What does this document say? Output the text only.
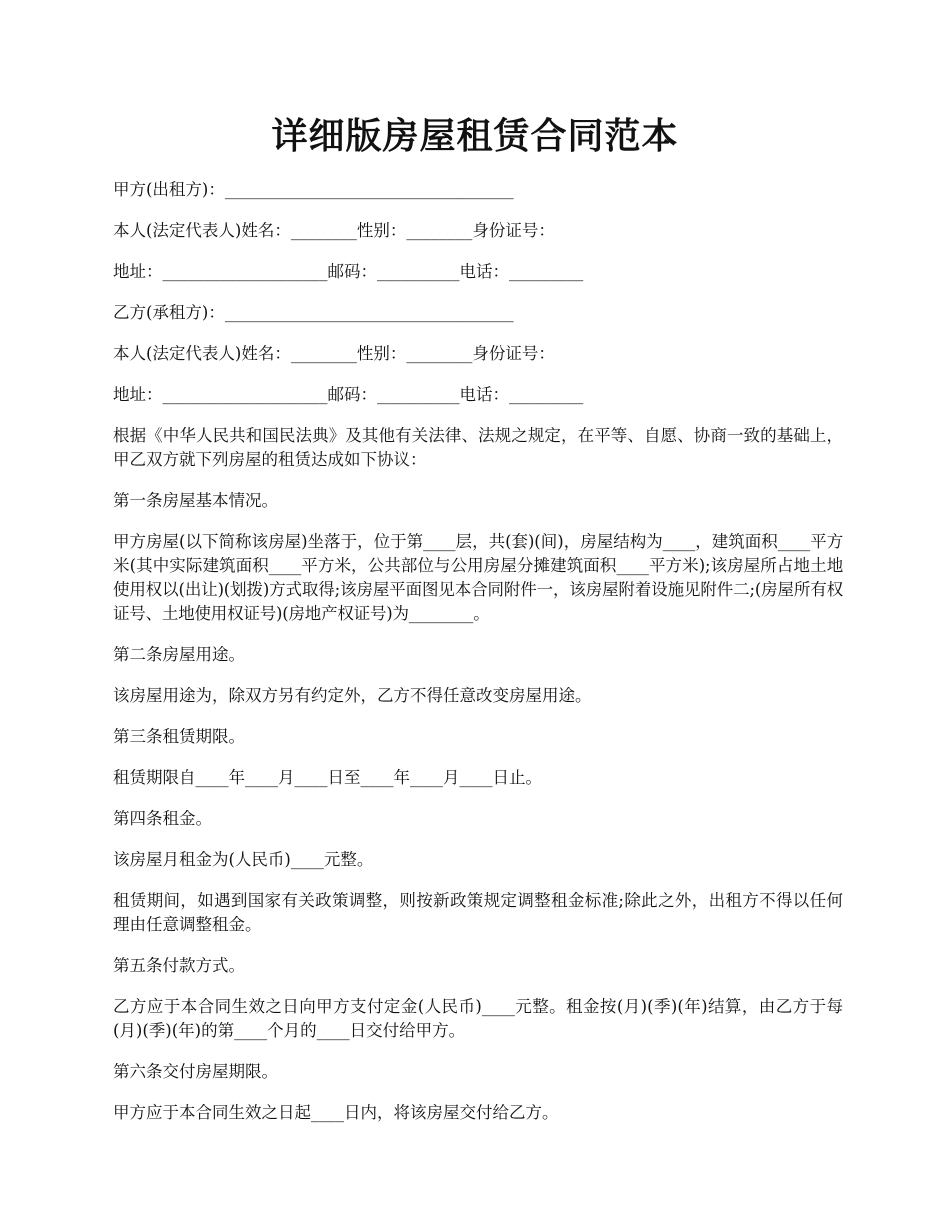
详细版房屋租赁合同范本

甲方(出租方)：___________________________________

本人(法定代表人)姓名：________性别：________身份证号：

地址：____________________邮码：__________电话：_________

乙方(承租方)：___________________________________

本人(法定代表人)姓名：________性别：________身份证号：

地址：____________________邮码：__________电话：_________

根据《中华人民共和国民法典》及其他有关法律、法规之规定，在平等、自愿、协商一致的基础上，甲乙双方就下列房屋的租赁达成如下协议：

第一条房屋基本情况。

甲方房屋(以下简称该房屋)坐落于，位于第____层，共(套)(间)，房屋结构为____，建筑面积____平方米(其中实际建筑面积____平方米，公共部位与公用房屋分摊建筑面积____平方米);该房屋所占地土地使用权以(出让)(划拨)方式取得;该房屋平面图见本合同附件一，该房屋附着设施见附件二;(房屋所有权证号、土地使用权证号)(房地产权证号)为________。

第二条房屋用途。

该房屋用途为，除双方另有约定外，乙方不得任意改变房屋用途。

第三条租赁期限。

租赁期限自____年____月____日至____年____月____日止。

第四条租金。

该房屋月租金为(人民币)____元整。

租赁期间，如遇到国家有关政策调整，则按新政策规定调整租金标准;除此之外，出租方不得以任何理由任意调整租金。

第五条付款方式。

乙方应于本合同生效之日向甲方支付定金(人民币)____元整。租金按(月)(季)(年)结算，由乙方于每(月)(季)(年)的第____个月的____日交付给甲方。

第六条交付房屋期限。

甲方应于本合同生效之日起____日内，将该房屋交付给乙方。
